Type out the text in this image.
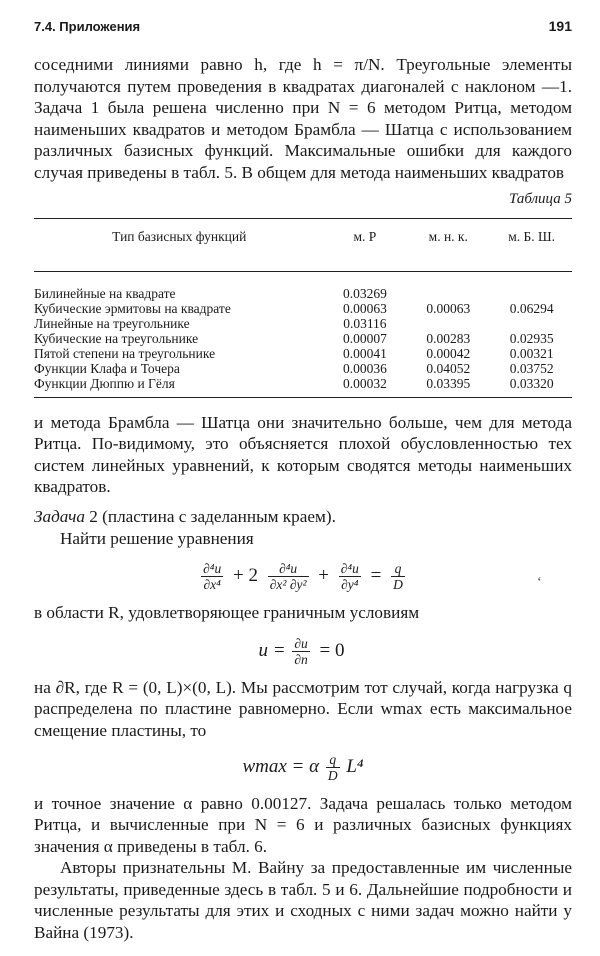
7.4. Приложения	191

соседними линиями равно h, где h = π/N. Треугольные элементы получаются путем проведения в квадратах диагоналей с наклоном —1. Задача 1 была решена численно при N = 6 методом Ритца, методом наименьших квадратов и методом Брамбла — Шатца с использованием различных базисных функций. Максимальные ошибки для каждого случая приведены в табл. 5. В общем для метода наименьших квадратов

Таблица 5
Тип базисных функций	м. Р	м. н. к.	м. Б. Ш.

Билинейные на квадрате	0.03269		
Кубические эрмитовы на квадрате	0.00063	0.00063	0.06294
Линейные на треугольнике	0.03116		
Кубические на треугольнике	0.00007	0.00283	0.02935
Пятой степени на треугольнике	0.00041	0.00042	0.00321
Функции Клафа и Точера	0.00036	0.04052	0.03752
Функции Дюппю и Гёля	0.00032	0.03395	0.03320

и метода Брамбла — Шатца они значительно больше, чем для метода Ритца. По-видимому, это объясняется плохой обусловленностью тех систем линейных уравнений, к которым сводятся методы наименьших квадратов.

Задача 2 (пластина с заделанным краем).

Найти решение уравнения

$\frac{\text{∂⁴u}}{\text{∂x⁴}} + 2 \frac{\text{∂⁴u}}{\text{∂x² ∂y²}} + \frac{\text{∂⁴u}}{\text{∂y⁴}} = \frac{q}{D}$

в области R, удовлетворяющее граничным условиям

$u = \frac{\partial u}{\partial n} = 0$

на ∂R, где R = (0, L)×(0, L). Мы рассмотрим тот случай, когда нагрузка q распределена по пластине равномерно. Если wmax есть максимальное смещение пластины, то

wmax = α $\frac{q}{D} L^4$

и точное значение α равно 0.00127. Задача решалась только методом Ритца, и вычисленные при N = 6 и различных базисных функциях значения α приведены в табл. 6.

Авторы признательны М. Вайну за предоставленные им численные результаты, приведенные здесь в табл. 5 и 6. Дальнейшие подробности и численные результаты для этих и сходных с ними задач можно найти у Вайна (1973).

‘
